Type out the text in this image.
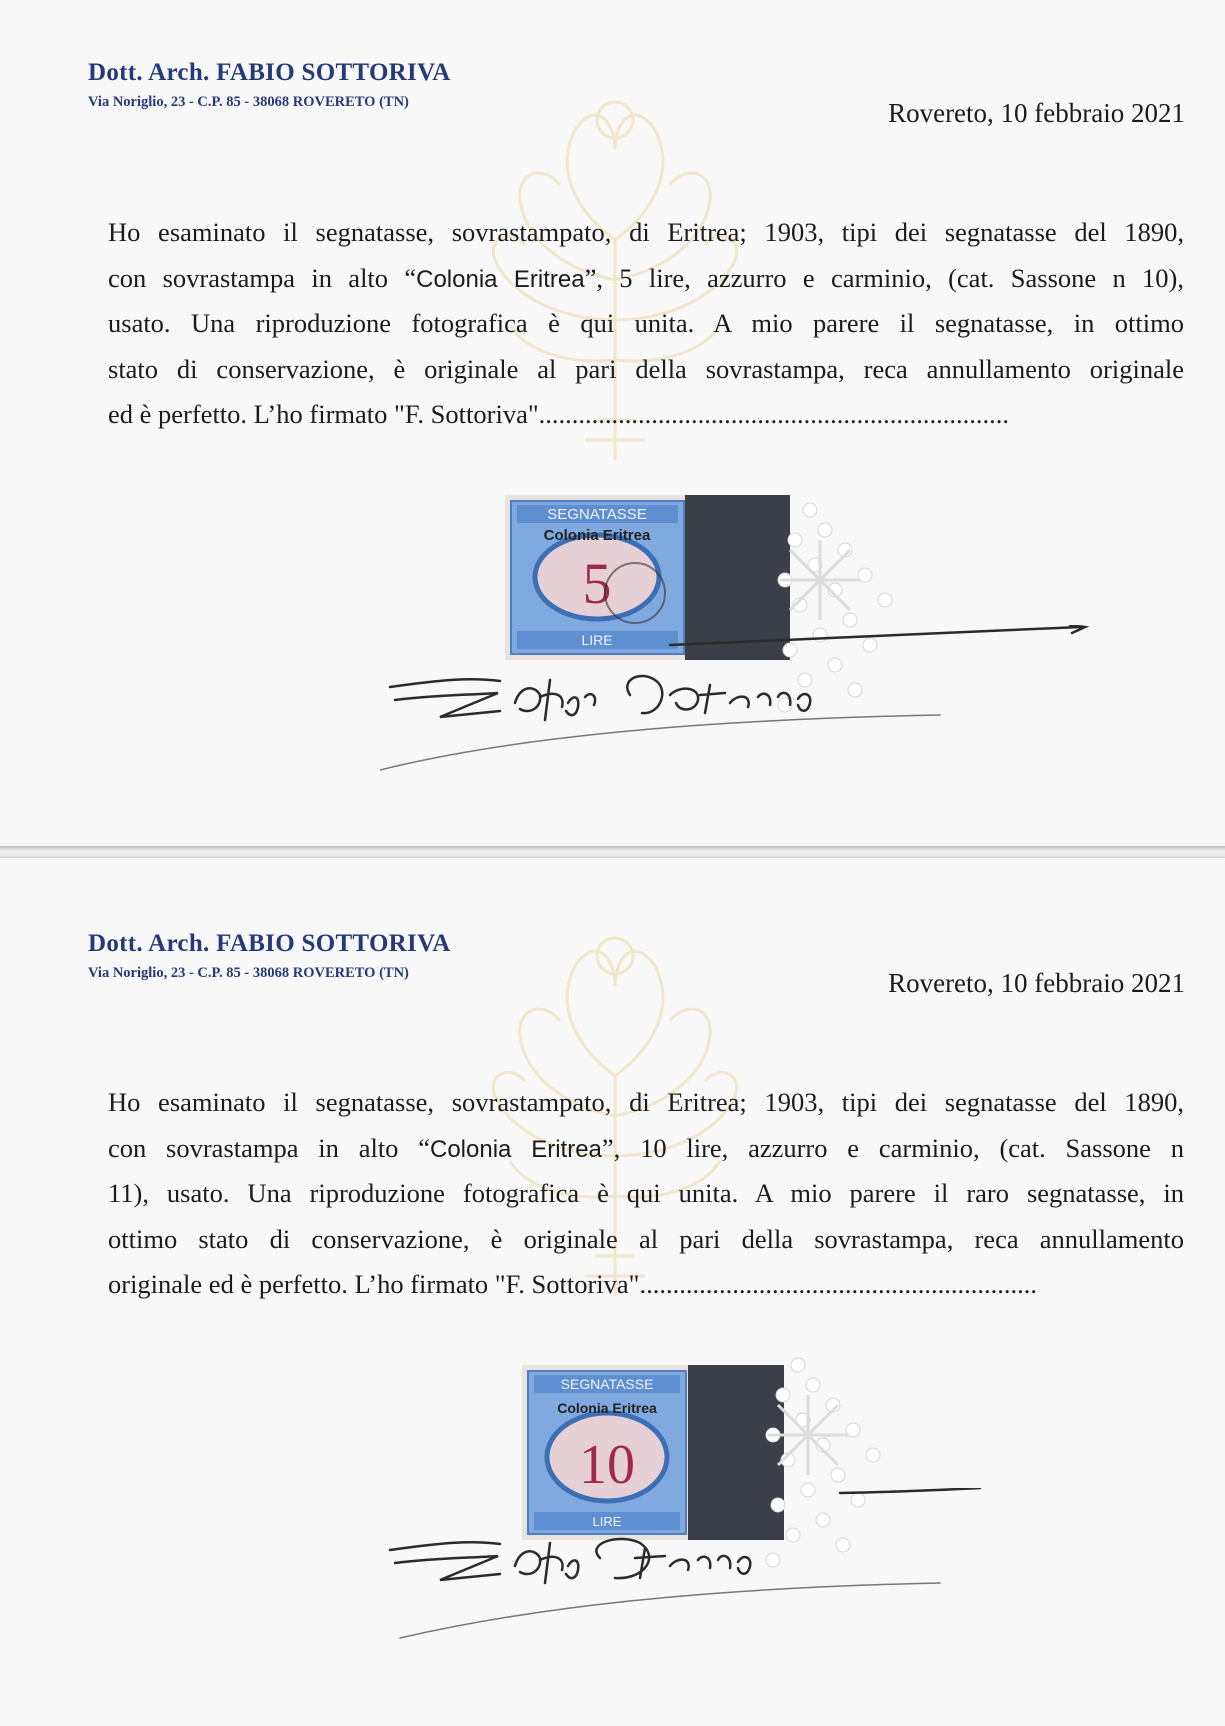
Dott. Arch. FABIO SOTTORIVA
Via Noriglio, 23 - C.P. 85 - 38068 ROVERETO (TN)	Rovereto, 10 febbraio 2021
Ho esaminato il segnatasse, sovrastampato, di Eritrea; 1903, tipi dei segnatasse del 1890,
con sovrastampa in alto “Colonia Eritrea”, 5 lire, azzurro e carminio, (cat. Sassone n 10),
usato. Una riproduzione fotografica è qui unita. A mio parere il segnatasse, in ottimo
stato di conservazione, è originale al pari della sovrastampa, reca annullamento originale
ed è perfetto. L’ho firmato "F. Sottoriva".......................................................................
SEGNATASSE
Colonia Eritrea
5
LIRE
Dott. Arch. FABIO SOTTORIVA
Via Noriglio, 23 - C.P. 85 - 38068 ROVERETO (TN)	Rovereto, 10 febbraio 2021
Ho esaminato il segnatasse, sovrastampato, di Eritrea; 1903, tipi dei segnatasse del 1890,
con sovrastampa in alto “Colonia Eritrea”, 10 lire, azzurro e carminio, (cat. Sassone n
11), usato. Una riproduzione fotografica è qui unita. A mio parere il raro segnatasse, in
ottimo stato di conservazione, è originale al pari della sovrastampa, reca annullamento
originale ed è perfetto. L’ho firmato "F. Sottoriva"............................................................
SEGNATASSE
Colonia Eritrea
10
LIRE
